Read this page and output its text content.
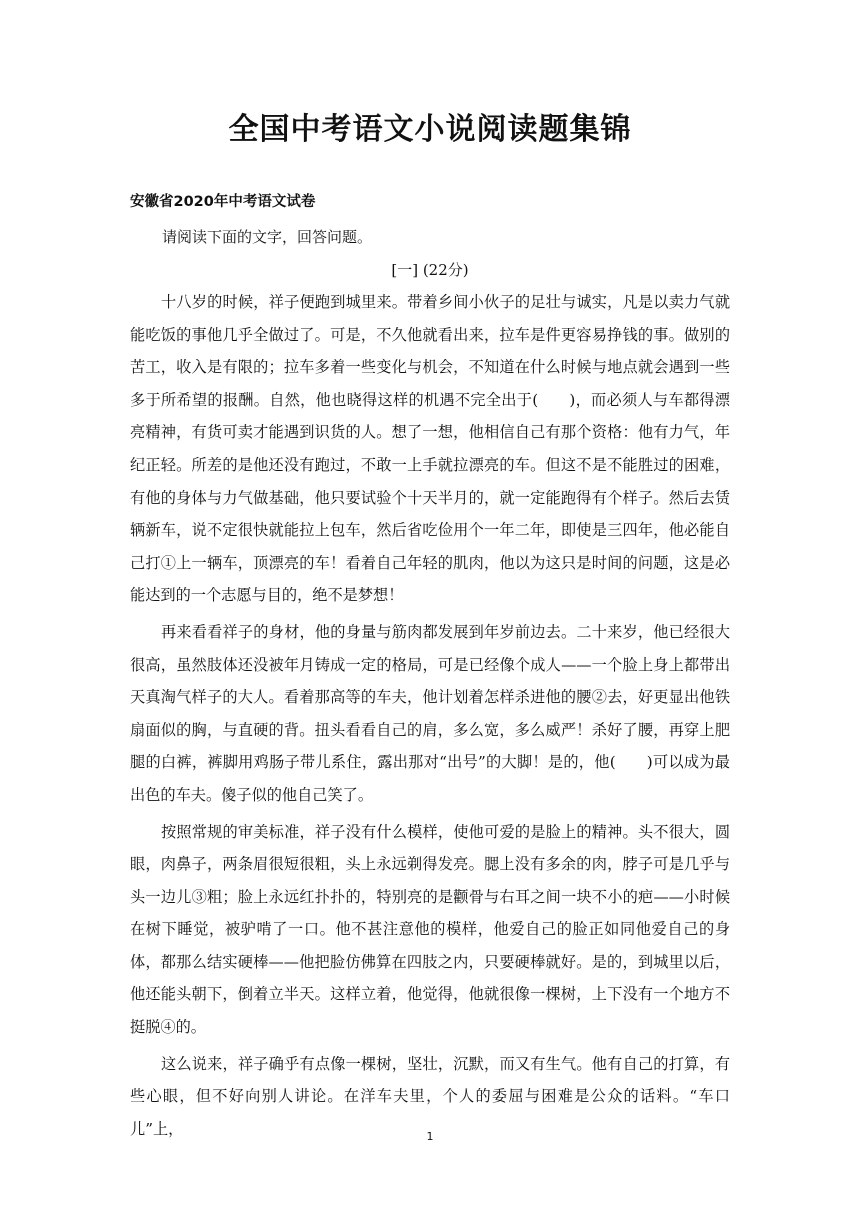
全国中考语文小说阅读题集锦

安徽省2020年中考语文试卷

请阅读下面的文字，回答问题。

[一] (22分)

十八岁的时候，祥子便跑到城里来。带着乡间小伙子的足壮与诚实，凡是以卖力气就能吃饭的事他几乎全做过了。可是，不久他就看出来，拉车是件更容易挣钱的事。做别的苦工，收入是有限的；拉车多着一些变化与机会，不知道在什么时候与地点就会遇到一些多于所希望的报酬。自然，他也晓得这样的机遇不完全出于(　　)，而必须人与车都得漂亮精神，有货可卖才能遇到识货的人。想了一想，他相信自己有那个资格：他有力气，年纪正轻。所差的是他还没有跑过，不敢一上手就拉漂亮的车。但这不是不能胜过的困难，有他的身体与力气做基础，他只要试验个十天半月的，就一定能跑得有个样子。然后去赁辆新车，说不定很快就能拉上包车，然后省吃俭用个一年二年，即使是三四年，他必能自己打①上一辆车，顶漂亮的车！看着自己年轻的肌肉，他以为这只是时间的问题，这是必能达到的一个志愿与目的，绝不是梦想！

再来看看祥子的身材，他的身量与筋肉都发展到年岁前边去。二十来岁，他已经很大很高，虽然肢体还没被年月铸成一定的格局，可是已经像个成人——一个脸上身上都带出天真淘气样子的大人。看着那高等的车夫，他计划着怎样杀进他的腰②去，好更显出他铁扇面似的胸，与直硬的背。扭头看看自己的肩，多么宽，多么威严！杀好了腰，再穿上肥腿的白裤，裤脚用鸡肠子带儿系住，露出那对“出号”的大脚！是的，他(　　)可以成为最出色的车夫。傻子似的他自己笑了。

按照常规的审美标准，祥子没有什么模样，使他可爱的是脸上的精神。头不很大，圆眼，肉鼻子，两条眉很短很粗，头上永远剃得发亮。腮上没有多余的肉，脖子可是几乎与头一边儿③粗；脸上永远红扑扑的，特别亮的是颧骨与右耳之间一块不小的疤——小时候在树下睡觉，被驴啃了一口。他不甚注意他的模样，他爱自己的脸正如同他爱自己的身体，都那么结实硬棒——他把脸仿佛算在四肢之内，只要硬棒就好。是的，到城里以后，他还能头朝下，倒着立半天。这样立着，他觉得，他就很像一棵树，上下没有一个地方不挺脱④的。

这么说来，祥子确乎有点像一棵树，坚壮，沉默，而又有生气。他有自己的打算，有些心眼，但不好向别人讲论。在洋车夫里，个人的委屈与困难是公众的话料。“车口儿”上，	1
